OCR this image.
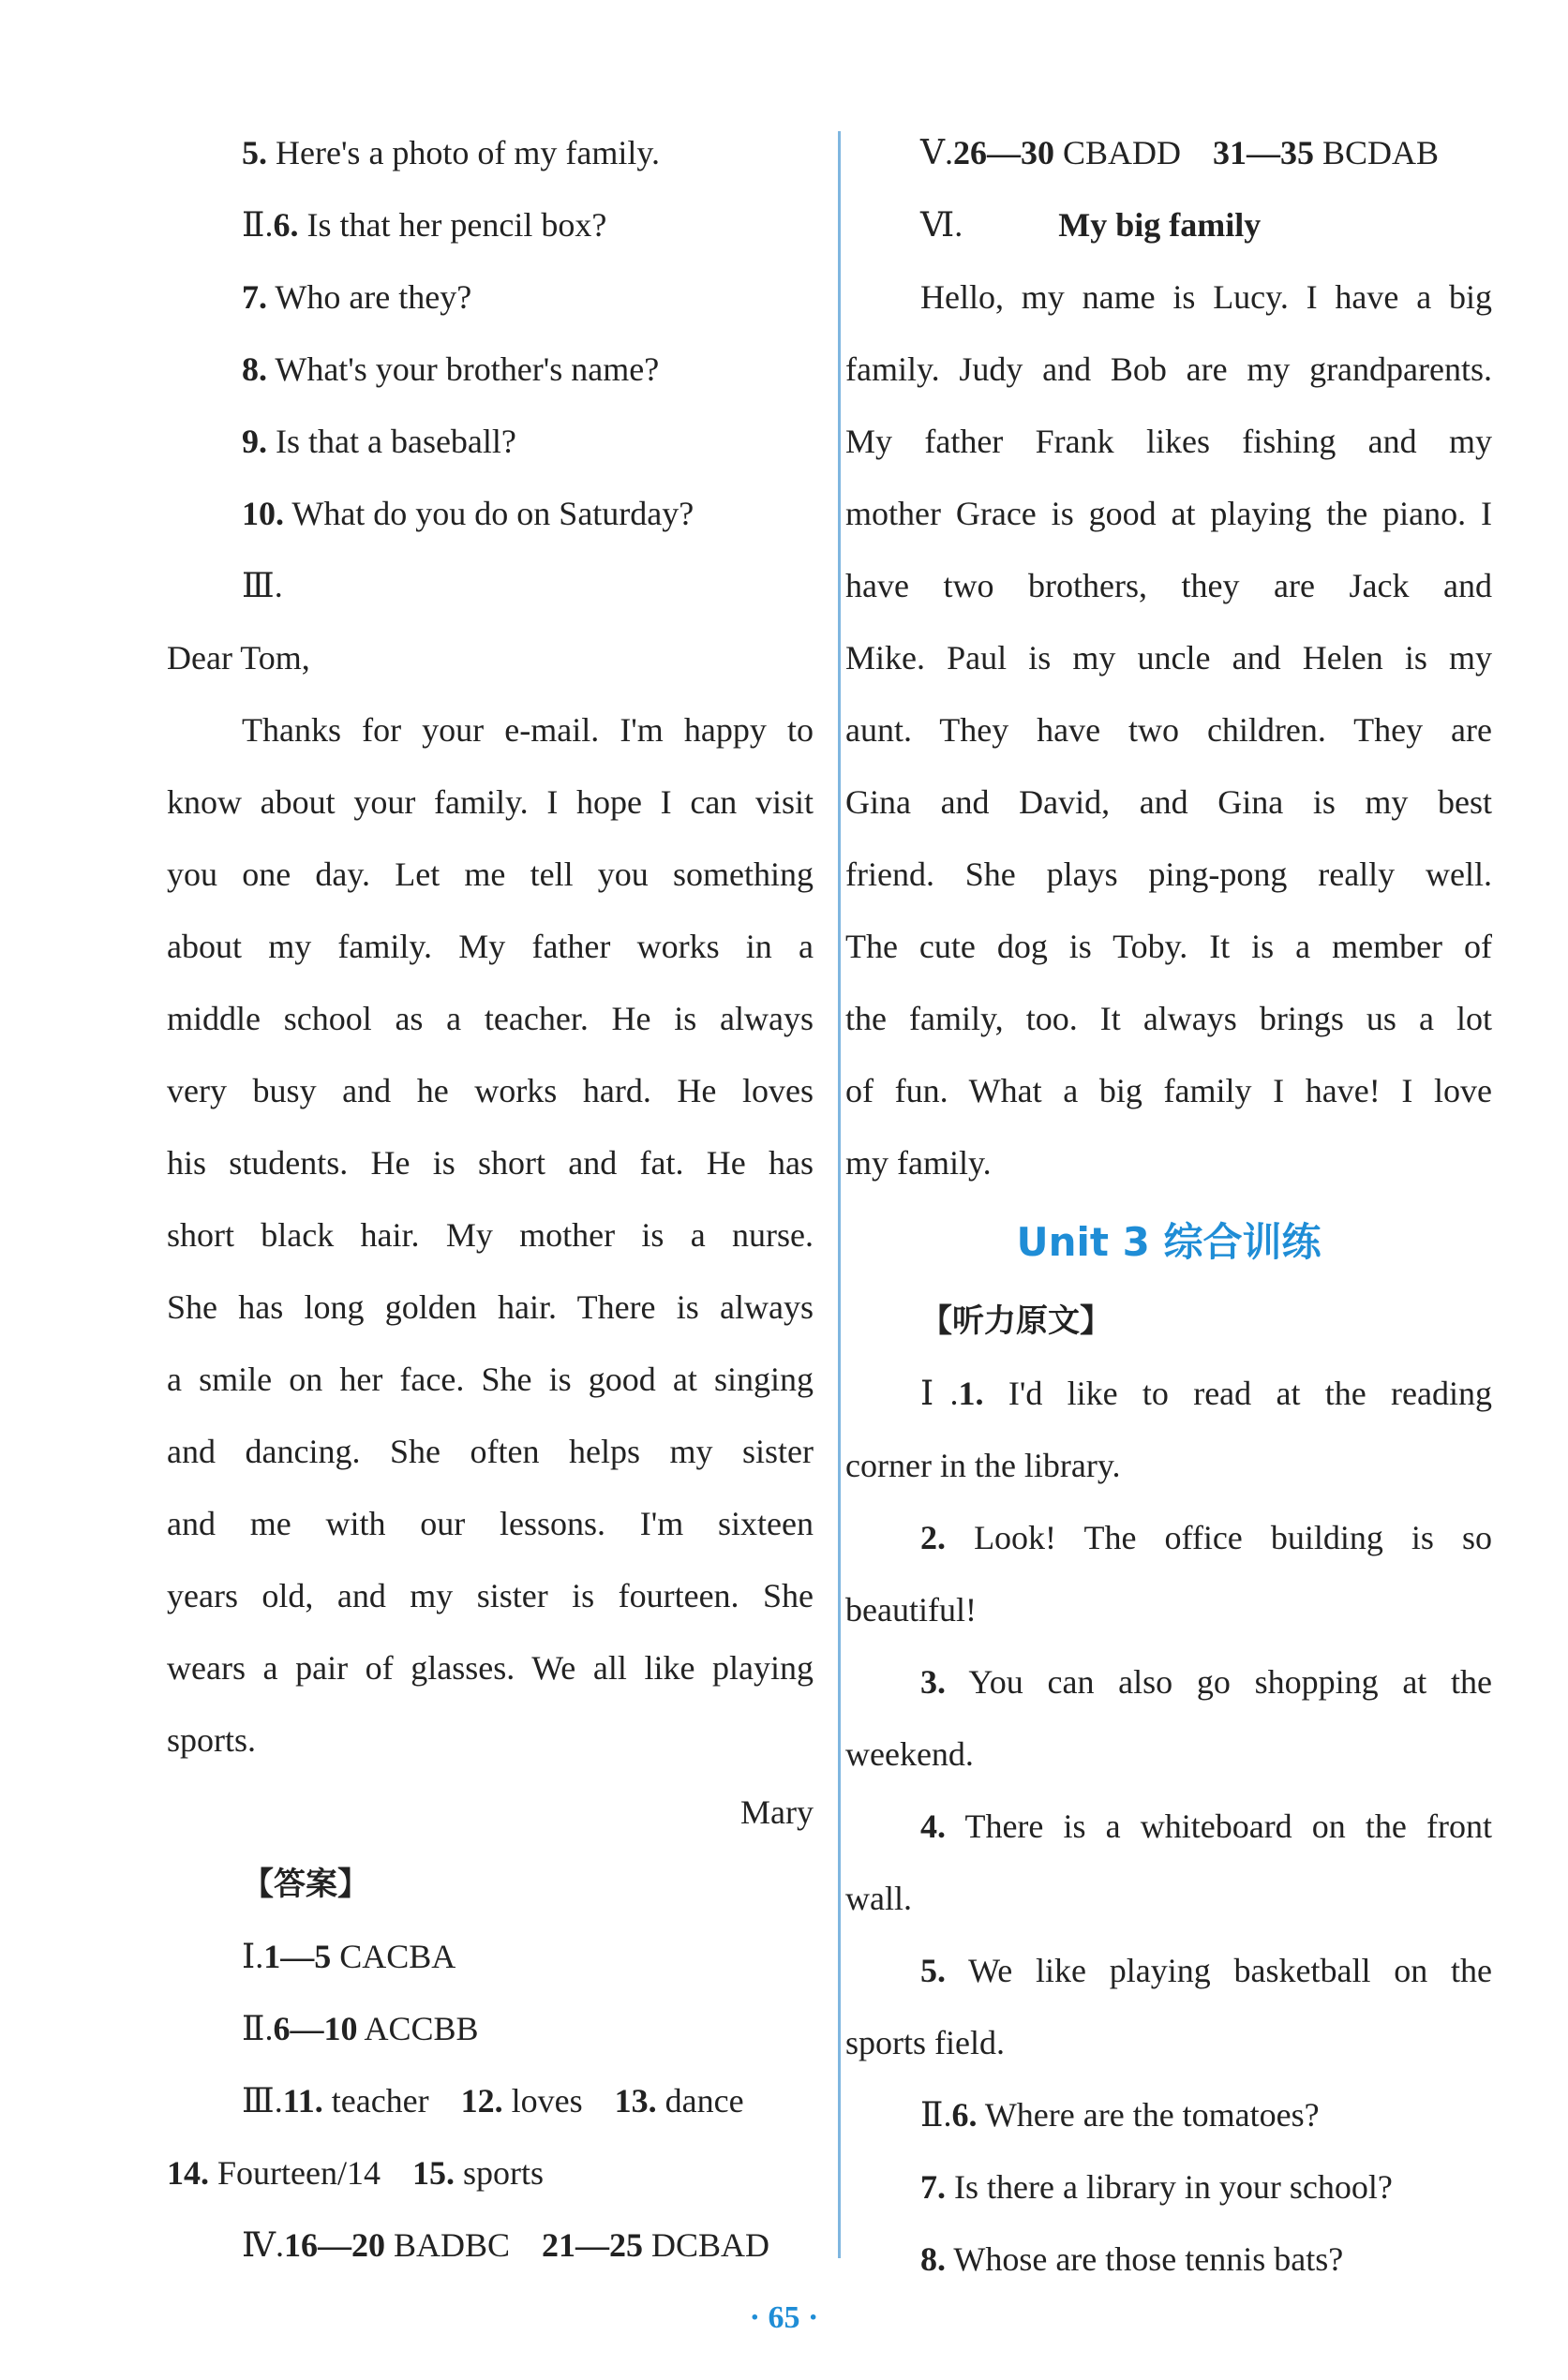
5. Here's a photo of my family.
Ⅱ.6. Is that her pencil box?
7. Who are they?
8. What's your brother's name?
9. Is that a baseball?
10. What do you do on Saturday?
Ⅲ.
Dear Tom,
Thanks for your e-mail. I'm happy to
know about your family. I hope I can visit
you one day. Let me tell you something
about my family. My father works in a
middle school as a teacher. He is always
very busy and he works hard. He loves
his students. He is short and fat. He has
short black hair. My mother is a nurse.
She has long golden hair. There is always
a smile on her face. She is good at singing
and dancing. She often helps my sister
and me with our lessons. I'm sixteen
years old, and my sister is fourteen. She
wears a pair of glasses. We all like playing
sports.
Mary
【答案】
Ⅰ.1—5 CACBA
Ⅱ.6—10 ACCBB
Ⅲ.11. teacher 12. loves 13. dance
14. Fourteen/14 15. sports
Ⅳ.16—20 BADBC 21—25 DCBAD
Ⅴ.26—30 CBADD 31—35 BCDAB
Ⅵ.	My big family
Hello, my name is Lucy. I have a big
family. Judy and Bob are my grandparents.
My father Frank likes fishing and my
mother Grace is good at playing the piano. I
have two brothers, they are Jack and
Mike. Paul is my uncle and Helen is my
aunt. They have two children. They are
Gina and David, and Gina is my best
friend. She plays ping-pong really well.
The cute dog is Toby. It is a member of
the family, too. It always brings us a lot
of fun. What a big family I have! I love
my family.
Unit 3 综合训练
【听力原文】
Ⅰ.1. I'd like to read at the reading
corner in the library.
2. Look! The office building is so
beautiful!
3. You can also go shopping at the
weekend.
4. There is a whiteboard on the front
wall.
5. We like playing basketball on the
sports field.
Ⅱ.6. Where are the tomatoes?
7. Is there a library in your school?
8. Whose are those tennis bats?
· 65 ·
